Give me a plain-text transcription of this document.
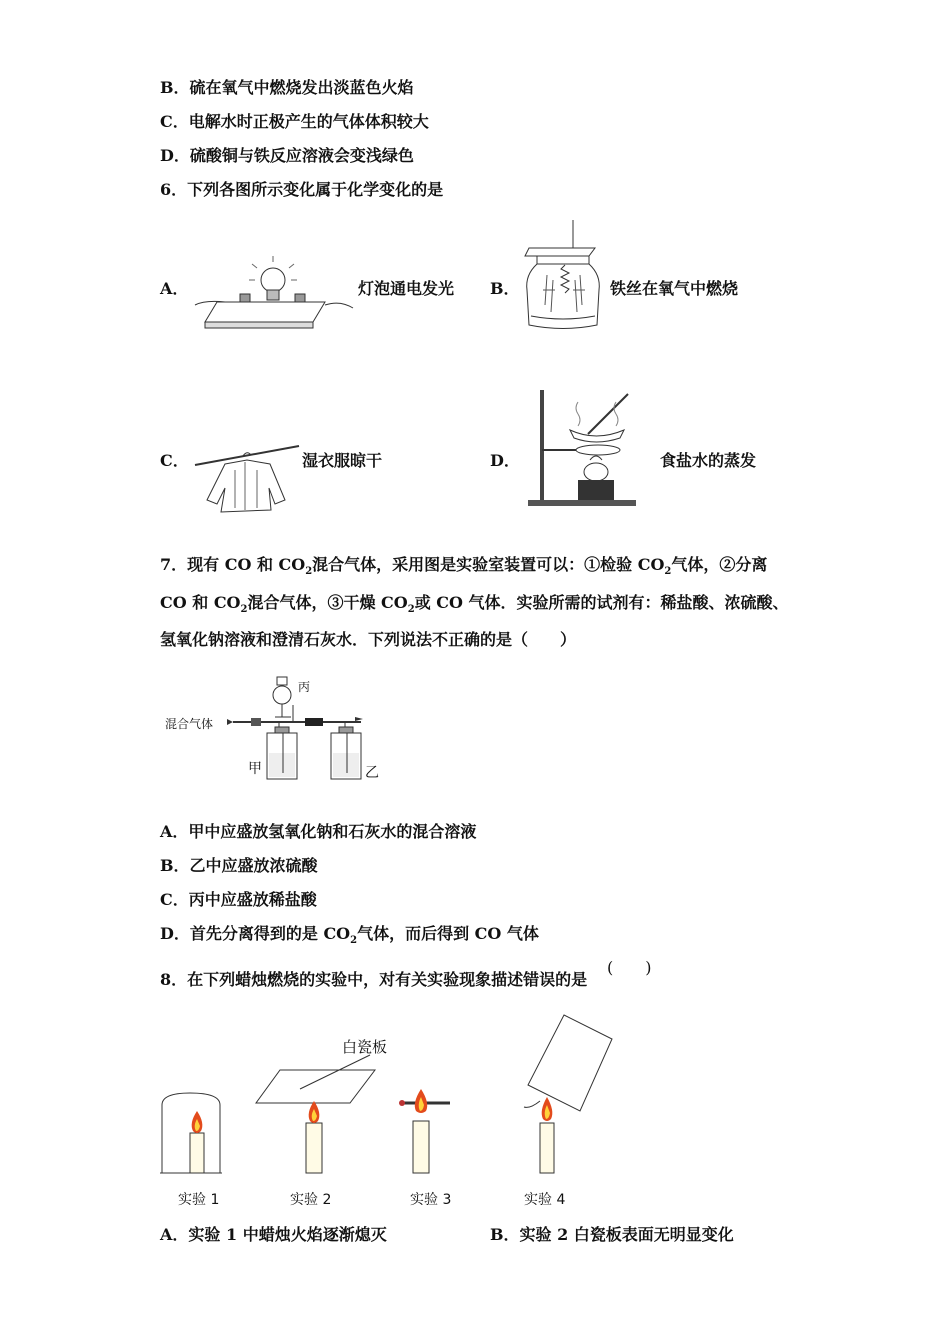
B．硫在氧气中燃烧发出淡蓝色火焰
C．电解水时正极产生的气体体积较大
D．硫酸铜与铁反应溶液会变浅绿色
6．下列各图所示变化属于化学变化的是
A．	灯泡通电发光 B．	铁丝在氧气中燃烧
C．	湿衣服晾干	D．	食盐水的蒸发
7．现有 CO 和 $CO_2$混合气体，采用图是实验室装置可以：①检验 $CO_2$气体，②分离
CO 和 $CO_2$混合气体，③干燥 $CO_2$或 CO 气体．实验所需的试剂有：稀盐酸、浓硫酸、
氢氧化钠溶液和澄清石灰水．下列说法不正确的是（　　）
混合气体
丙
甲	乙
A．甲中应盛放氢氧化钠和石灰水的混合溶液
B．乙中应盛放浓硫酸
C．丙中应盛放稀盐酸
D．首先分离得到的是 $CO_2$气体，而后得到 CO 气体
8．在下列蜡烛燃烧的实验中，对有关实验现象描述错误的是
(　　)
白瓷板
实验 1	实验 2	实验 3	实验 4
A．实验 1 中蜡烛火焰逐渐熄灭	B．实验 2 白瓷板表面无明显变化
